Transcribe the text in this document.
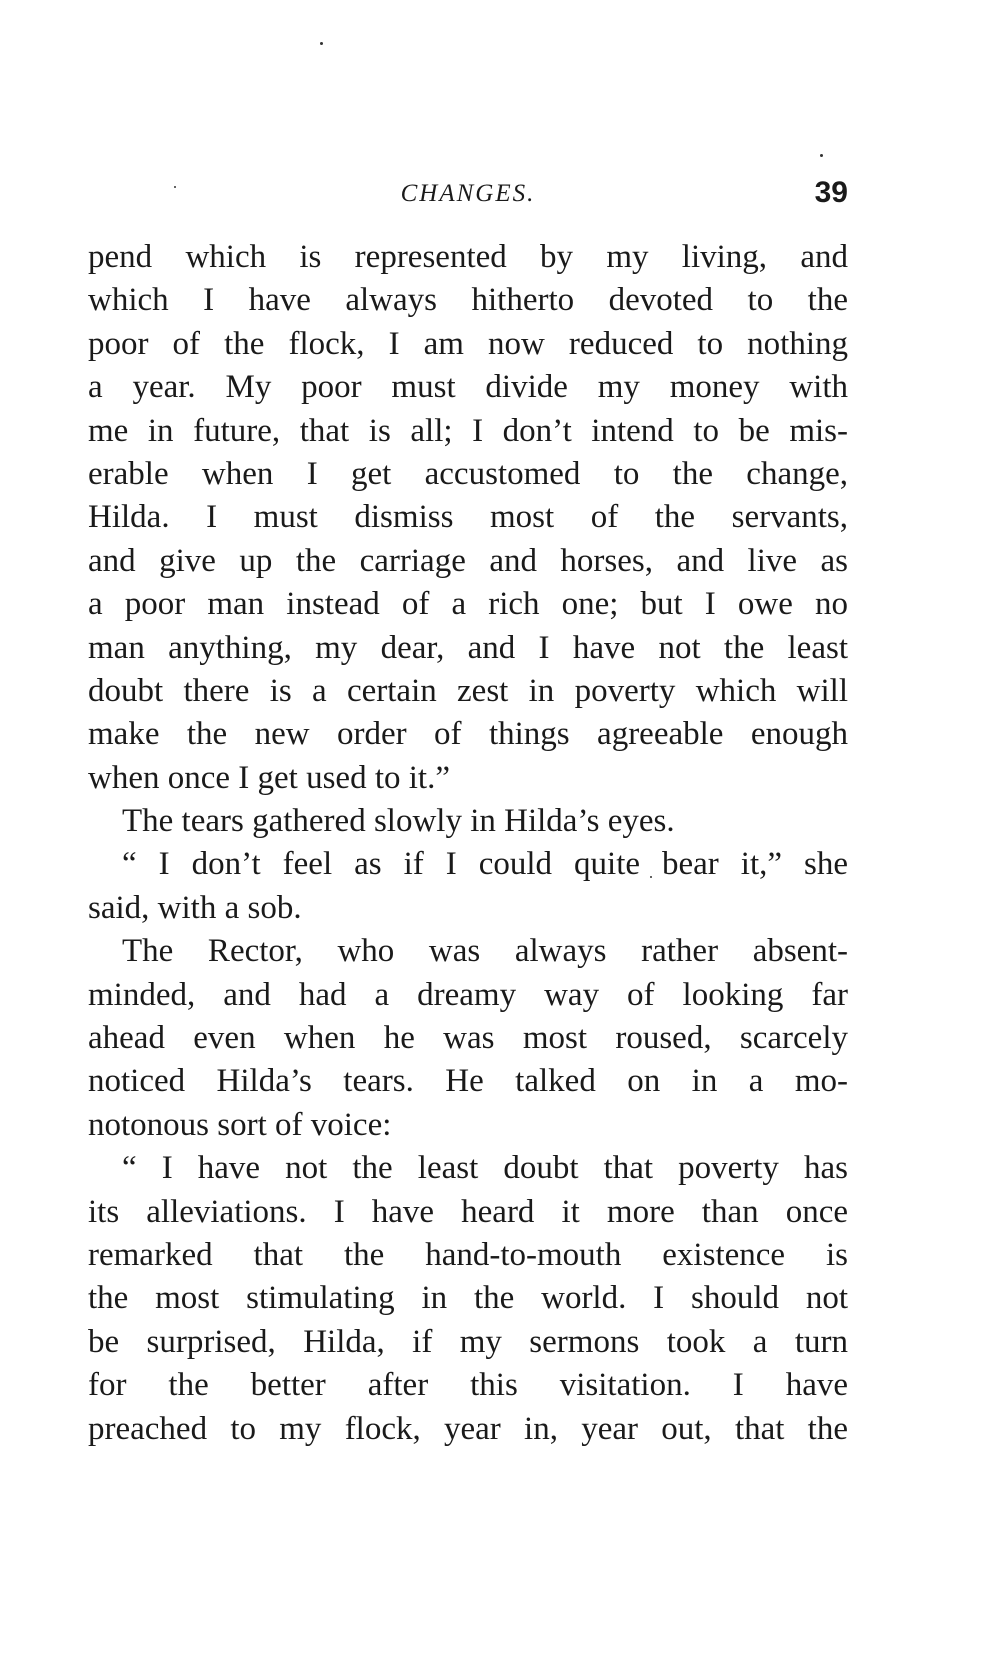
CHANGES.	39
pend which is represented by my living, and
which I have always hitherto devoted to the
poor of the flock, I am now reduced to nothing
a year. My poor must divide my money with
me in future, that is all; I don’t intend to be mis-
erable when I get accustomed to the change,
Hilda. I must dismiss most of the servants,
and give up the carriage and horses, and live as
a poor man instead of a rich one; but I owe no
man anything, my dear, and I have not the least
doubt there is a certain zest in poverty which will
make the new order of things agreeable enough
when once I get used to it.”
The tears gathered slowly in Hilda’s eyes.
“ I don’t feel as if I could quite bear it,” she
said, with a sob.
The Rector, who was always rather absent-
minded, and had a dreamy way of looking far
ahead even when he was most roused, scarcely
noticed Hilda’s tears. He talked on in a mo-
notonous sort of voice:
“ I have not the least doubt that poverty has
its alleviations. I have heard it more than once
remarked that the hand-to-mouth existence is
the most stimulating in the world. I should not
be surprised, Hilda, if my sermons took a turn
for the better after this visitation. I have
preached to my flock, year in, year out, that the
